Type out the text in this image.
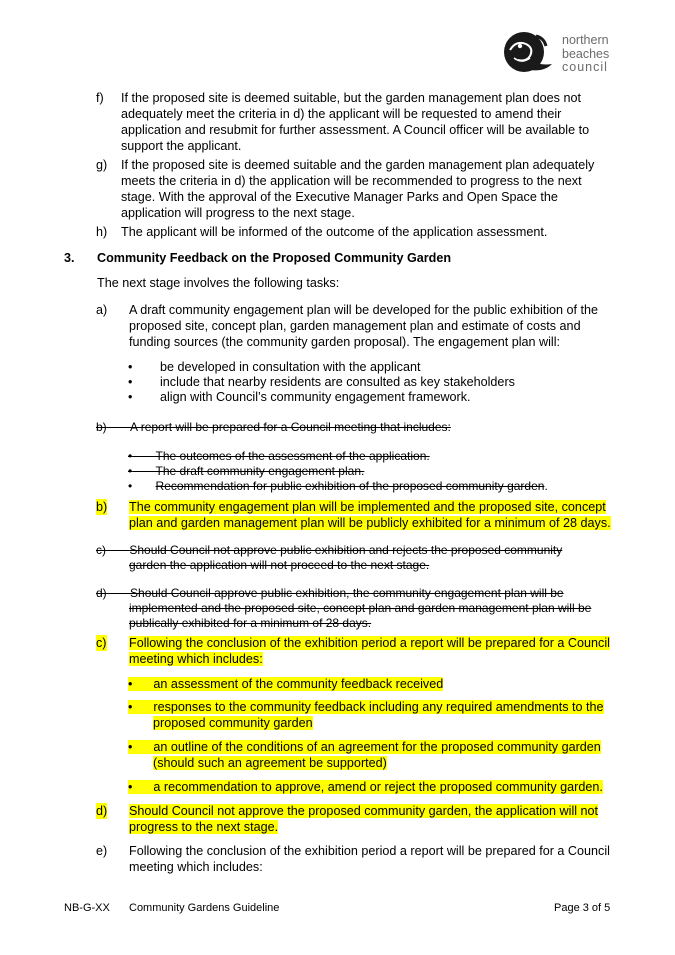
northern
beaches
council
f) If the proposed site is deemed suitable, but the garden management plan does not
adequately meet the criteria in d) the applicant will be requested to amend their
application and resubmit for further assessment. A Council officer will be available to
support the applicant.
g) If the proposed site is deemed suitable and the garden management plan adequately
meets the criteria in d) the application will be recommended to progress to the next
stage. With the approval of the Executive Manager Parks and Open Space the
application will progress to the next stage.
h) The applicant will be informed of the outcome of the application assessment.
3. Community Feedback on the Proposed Community Garden
The next stage involves the following tasks:
a) A draft community engagement plan will be developed for the public exhibition of the
proposed site, concept plan, garden management plan and estimate of costs and
funding sources (the community garden proposal). The engagement plan will:
• be developed in consultation with the applicant
• include that nearby residents are consulted as key stakeholders
• align with Council’s community engagement framework.
b) A report will be prepared for a Council meeting that includes:
• The outcomes of the assessment of the application.
• The draft community engagement plan.
• Recommendation for public exhibition of the proposed community garden.
b) The community engagement plan will be implemented and the proposed site, concept
plan and garden management plan will be publicly exhibited for a minimum of 28 days.
c) Should Council not approve public exhibition and rejects the proposed community
garden the application will not proceed to the next stage.
d) Should Council approve public exhibition, the community engagement plan will be
implemented and the proposed site, concept plan and garden management plan will be
publically exhibited for a minimum of 28 days.
c) Following the conclusion of the exhibition period a report will be prepared for a Council
meeting which includes:
• an assessment of the community feedback received
• responses to the community feedback including any required amendments to the
proposed community garden
• an outline of the conditions of an agreement for the proposed community garden
(should such an agreement be supported)
• a recommendation to approve, amend or reject the proposed community garden.
d) Should Council not approve the proposed community garden, the application will not
progress to the next stage.
e) Following the conclusion of the exhibition period a report will be prepared for a Council
meeting which includes:
NB-G-XX Community Gardens Guideline	Page 3 of 5
